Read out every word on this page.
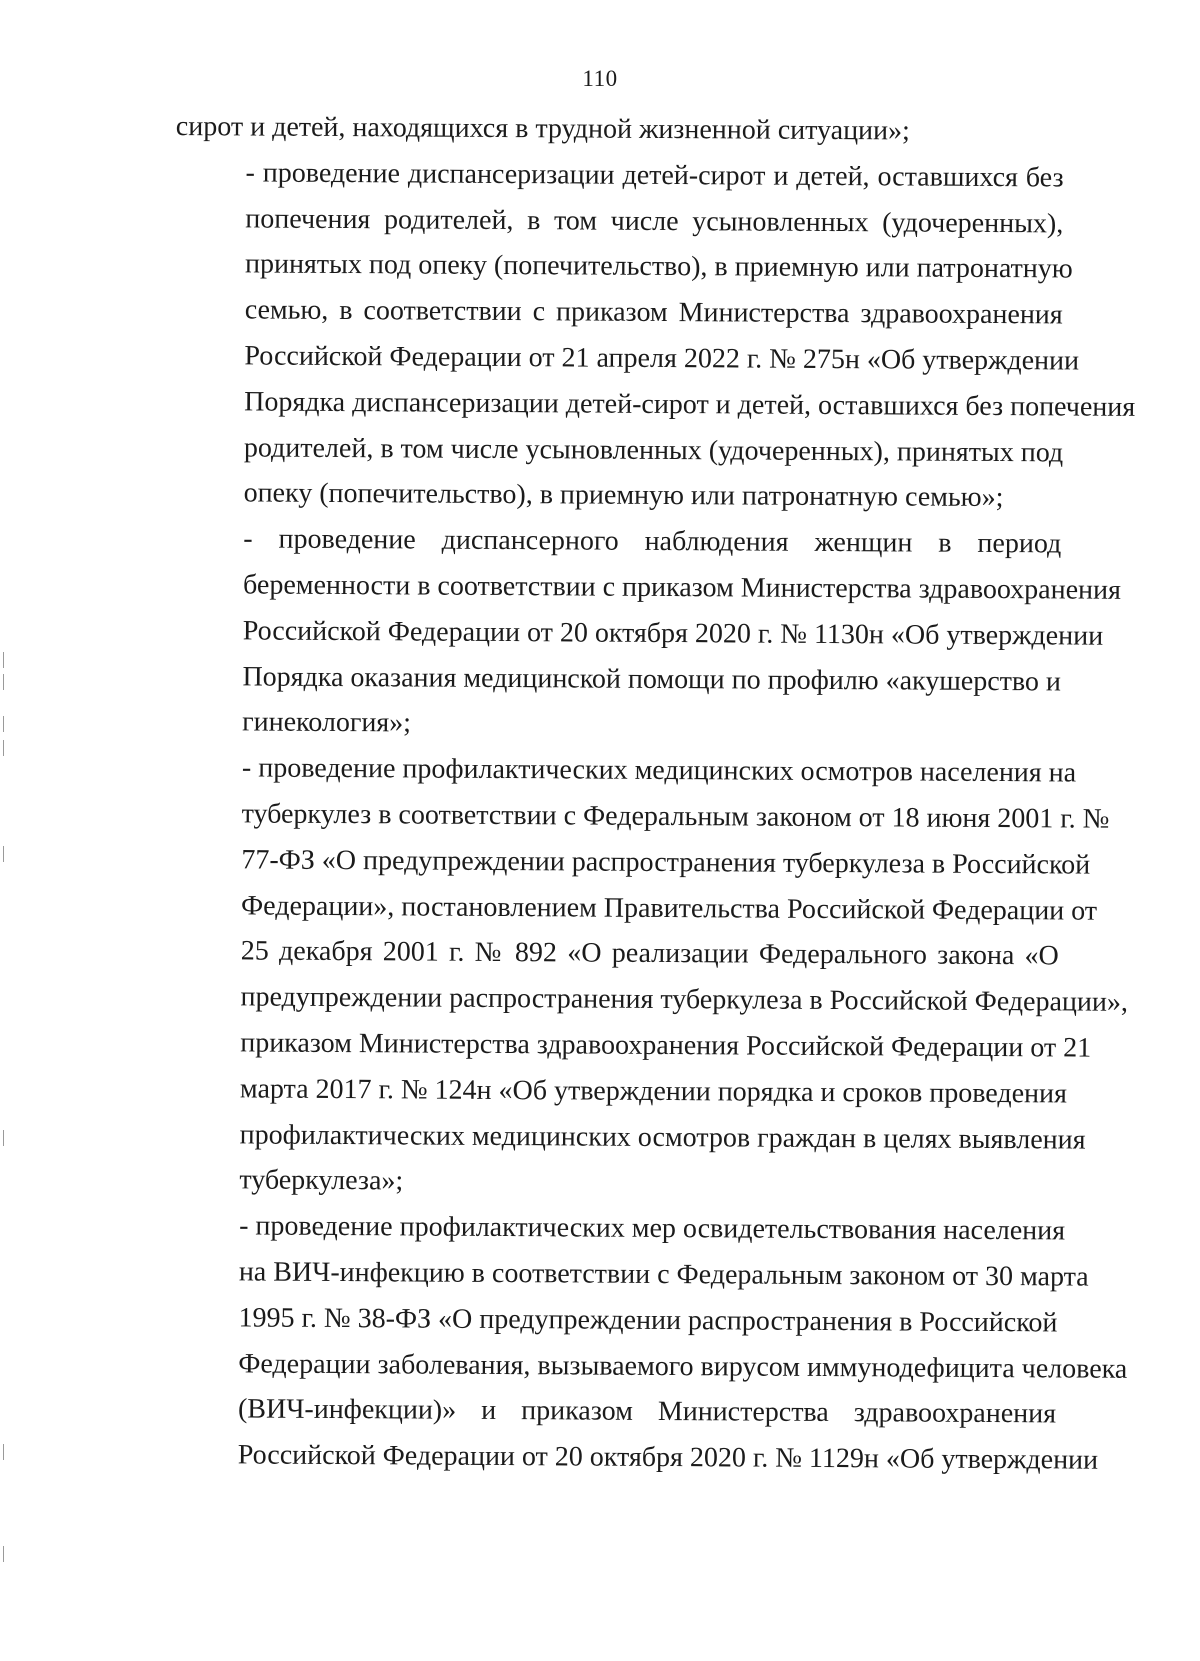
110

сирот и детей, находящихся в трудной жизненной ситуации»;

- проведение диспансеризации детей-сирот и детей, оставшихся без
попечения родителей, в том числе усыновленных (удочеренных),
принятых под опеку (попечительство), в приемную или патронатную
семью, в соответствии с приказом Министерства здравоохранения
Российской Федерации от 21 апреля 2022 г. № 275н «Об утверждении
Порядка диспансеризации детей-сирот и детей, оставшихся без попечения
родителей, в том числе усыновленных (удочеренных), принятых под
опеку (попечительство), в приемную или патронатную семью»;

- проведение диспансерного наблюдения женщин в период
беременности в соответствии с приказом Министерства здравоохранения
Российской Федерации от 20 октября 2020 г. № 1130н «Об утверждении
Порядка оказания медицинской помощи по профилю «акушерство и
гинекология»;

- проведение профилактических медицинских осмотров населения на
туберкулез в соответствии с Федеральным законом от 18 июня 2001 г. №
77-ФЗ «О предупреждении распространения туберкулеза в Российской
Федерации», постановлением Правительства Российской Федерации от
25 декабря 2001 г. № 892 «О реализации Федерального закона «О
предупреждении распространения туберкулеза в Российской Федерации»,
приказом Министерства здравоохранения Российской Федерации от 21
марта 2017 г. № 124н «Об утверждении порядка и сроков проведения
профилактических медицинских осмотров граждан в целях выявления
туберкулеза»;

- проведение профилактических мер освидетельствования населения
на ВИЧ-инфекцию в соответствии с Федеральным законом от 30 марта
1995 г. № 38-ФЗ «О предупреждении распространения в Российской
Федерации заболевания, вызываемого вирусом иммунодефицита человека
(ВИЧ-инфекции)» и приказом Министерства здравоохранения
Российской Федерации от 20 октября 2020 г. № 1129н «Об утверждении
